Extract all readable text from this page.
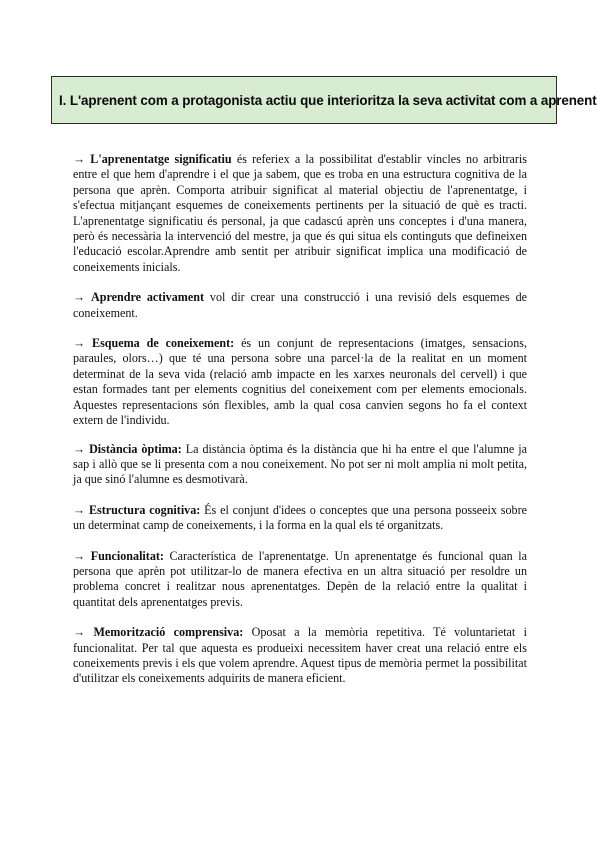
I. L'aprenent com a protagonista actiu que interioritza la seva activitat com a aprenent

→ L'aprenentatge significatiu és referiex a la possibilitat d'establir vincles no arbitraris entre el que hem d'aprendre i el que ja sabem, que es troba en una estructura cognitiva de la persona que aprèn. Comporta atribuir significat al material objectiu de l'aprenentatge, i s'efectua mitjançant esquemes de coneixements pertinents per la situació de què es tracti. L'aprenentatge significatiu és personal, ja que cadascú aprèn uns conceptes i d'una manera, però és necessària la intervenció del mestre, ja que és qui situa els continguts que defineixen l'educació escolar.Aprendre amb sentit per atribuir significat implica una modificació de coneixements inicials.

→ Aprendre activament vol dir crear una construcció i una revisió dels esquemes de coneixement.

→ Esquema de coneixement: és un conjunt de representacions (imatges, sensacions, paraules, olors…) que té una persona sobre una parcel·la de la realitat en un moment determinat de la seva vida (relació amb impacte en les xarxes neuronals del cervell) i que estan formades tant per elements cognitius del coneixement com per elements emocionals. Aquestes representacions són flexibles, amb la qual cosa canvien segons ho fa el context extern de l'individu.

→ Distància òptima: La distància òptima és la distància que hi ha entre el que l'alumne ja sap i allò que se li presenta com a nou coneixement. No pot ser ni molt amplia ni molt petita, ja que sinó l'alumne es desmotivarà.

→ Estructura cognitiva: És el conjunt d'idees o conceptes que una persona posseeix sobre un determinat camp de coneixements, i la forma en la qual els té organitzats.

→ Funcionalitat: Característica de l'aprenentatge. Un aprenentatge és funcional quan la persona que aprèn pot utilitzar-lo de manera efectiva en un altra situació per resoldre un problema concret i realitzar nous aprenentatges. Depèn de la relació entre la qualitat i quantitat dels aprenentatges previs.

→ Memorització comprensiva: Oposat a la memòria repetitiva. Té voluntarietat i funcionalitat. Per tal que aquesta es produeixi necessitem haver creat una relació entre els coneixements previs i els que volem aprendre. Aquest tipus de memòria permet la possibilitat d'utilitzar els coneixements adquirits de manera eficient.
